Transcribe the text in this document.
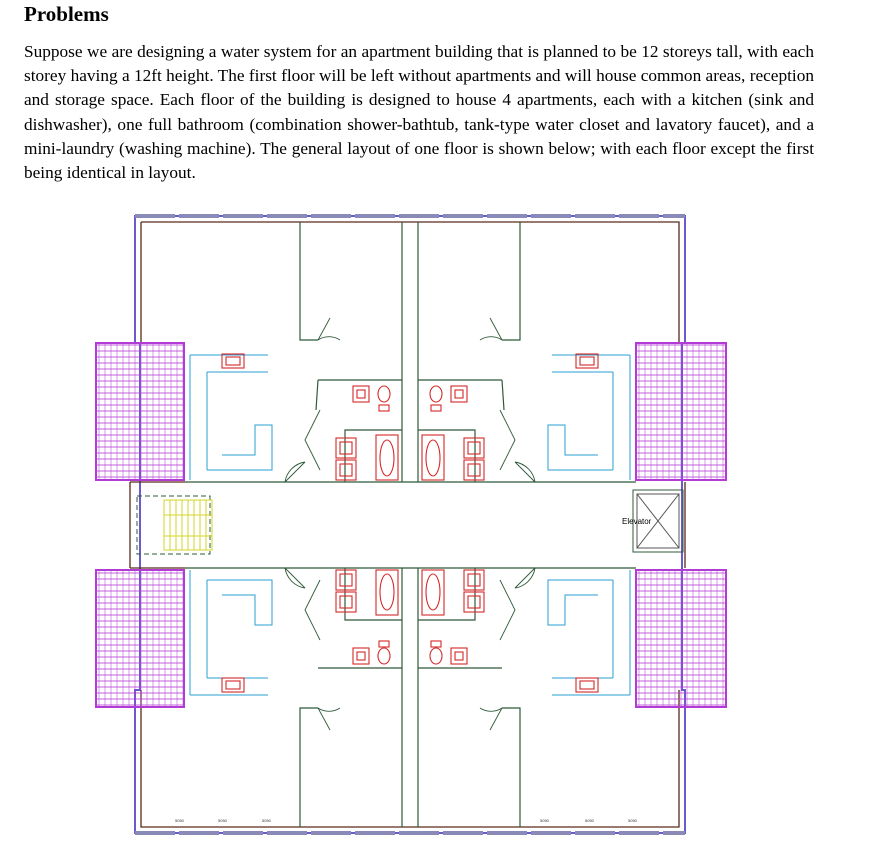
Problems
Suppose we are designing a water system for an apartment building that is planned to be 12 storeys tall, with each storey having a 12ft height. The first floor will be left without apartments and will house common areas, reception and storage space. Each floor of the building is designed to house 4 apartments, each with a kitchen (sink and dishwasher), one full bathroom (combination shower-bathtub, tank-type water closet and lavatory faucet), and a mini-laundry (washing machine). The general layout of one floor is shown below; with each floor except the first being identical in layout.
Elevator
5050	5050	5050	5050	5050	5050
